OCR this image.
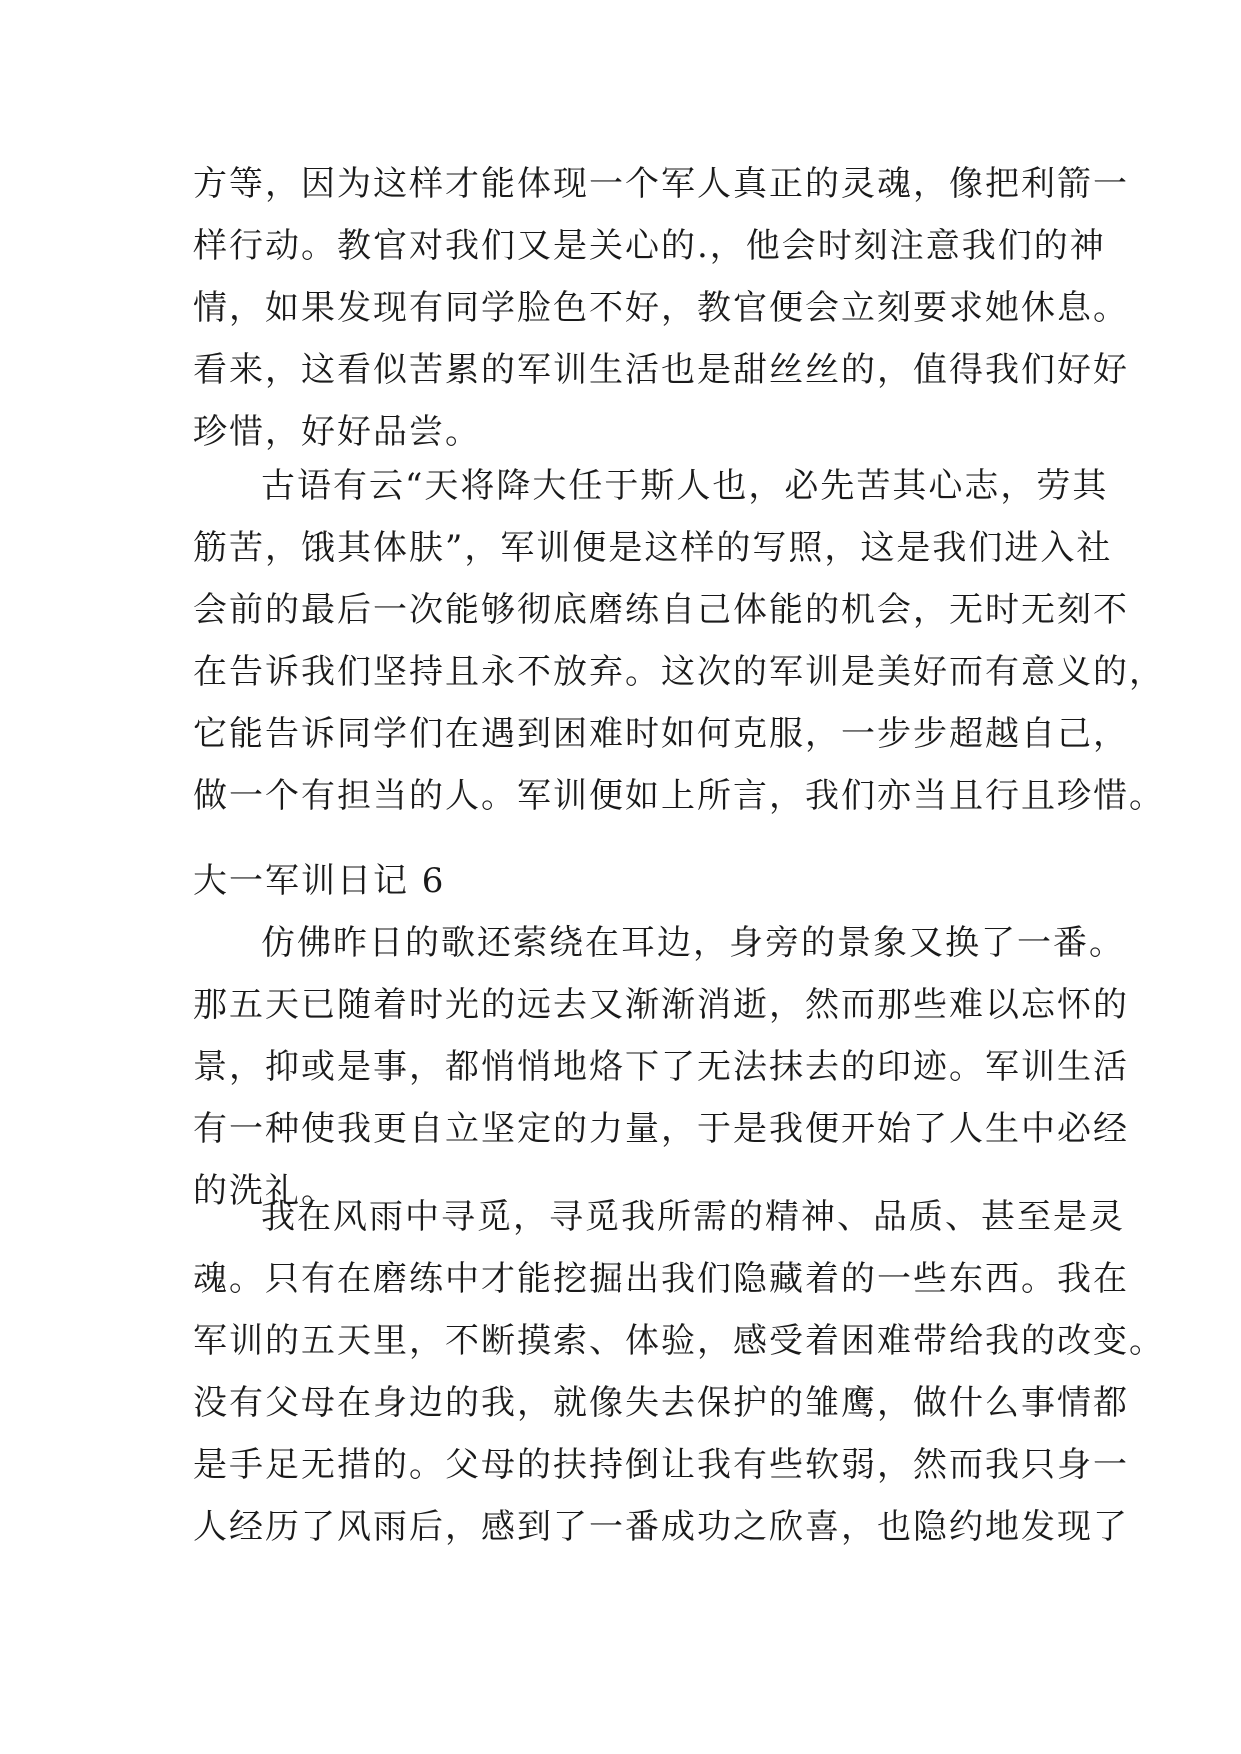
方等，因为这样才能体现一个军人真正的灵魂，像把利箭一
样行动。教官对我们又是关心的.，他会时刻注意我们的神
情，如果发现有同学脸色不好，教官便会立刻要求她休息。
看来，这看似苦累的军训生活也是甜丝丝的，值得我们好好
珍惜，好好品尝。
古语有云“天将降大任于斯人也，必先苦其心志，劳其
筋苦，饿其体肤”，军训便是这样的写照，这是我们进入社
会前的最后一次能够彻底磨练自己体能的机会，无时无刻不
在告诉我们坚持且永不放弃。这次的军训是美好而有意义的，
它能告诉同学们在遇到困难时如何克服，一步步超越自己，
做一个有担当的人。军训便如上所言，我们亦当且行且珍惜。
大一军训日记 6
仿佛昨日的歌还萦绕在耳边，身旁的景象又换了一番。
那五天已随着时光的远去又渐渐消逝，然而那些难以忘怀的
景，抑或是事，都悄悄地烙下了无法抹去的印迹。军训生活
有一种使我更自立坚定的力量，于是我便开始了人生中必经
的洗礼。
我在风雨中寻觅，寻觅我所需的精神、品质、甚至是灵
魂。只有在磨练中才能挖掘出我们隐藏着的一些东西。我在
军训的五天里，不断摸索、体验，感受着困难带给我的改变。
没有父母在身边的我，就像失去保护的雏鹰，做什么事情都
是手足无措的。父母的扶持倒让我有些软弱，然而我只身一
人经历了风雨后，感到了一番成功之欣喜，也隐约地发现了
